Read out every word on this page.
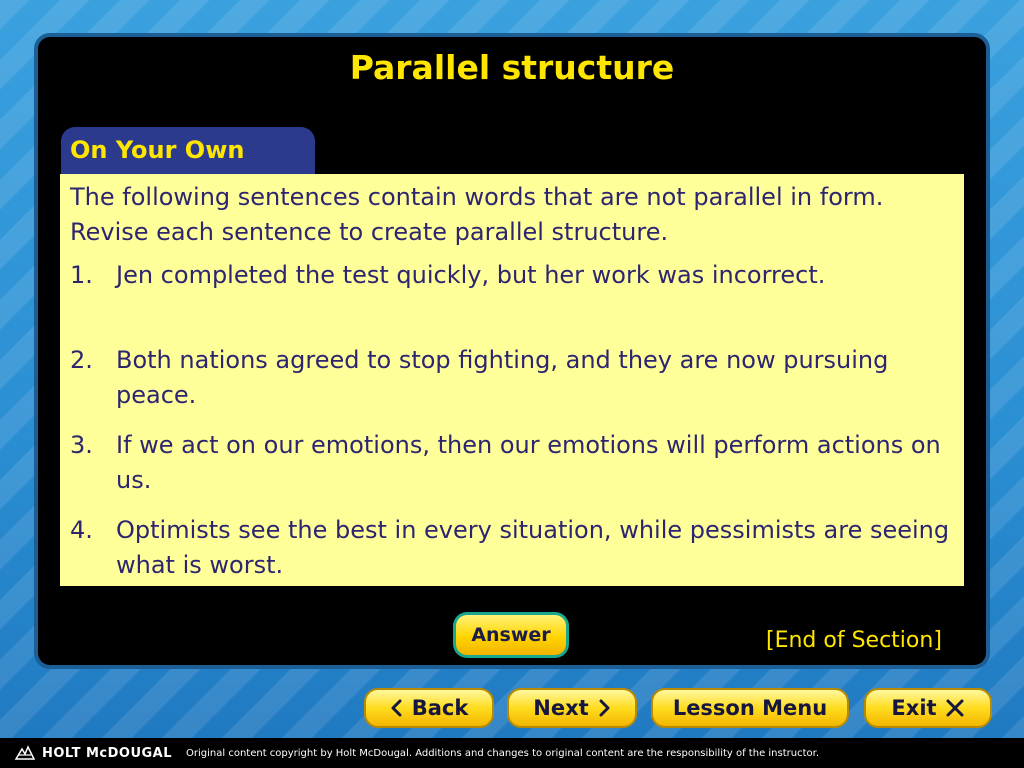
Parallel structure
On Your Own
The following sentences contain words that are not parallel in form. Revise each sentence to create parallel structure.
1. Jen completed the test quickly, but her work was incorrect.
2. Both nations agreed to stop fighting, and they are now pursuing peace.
3. If we act on our emotions, then our emotions will perform actions on us.
4. Optimists see the best in every situation, while pessimists are seeing what is worst.
Answer	[End of Section]
Back	Next	Lesson Menu	Exit
HOLT McDOUGAL Original content copyright by Holt McDougal. Additions and changes to original content are the responsibility of the instructor.
